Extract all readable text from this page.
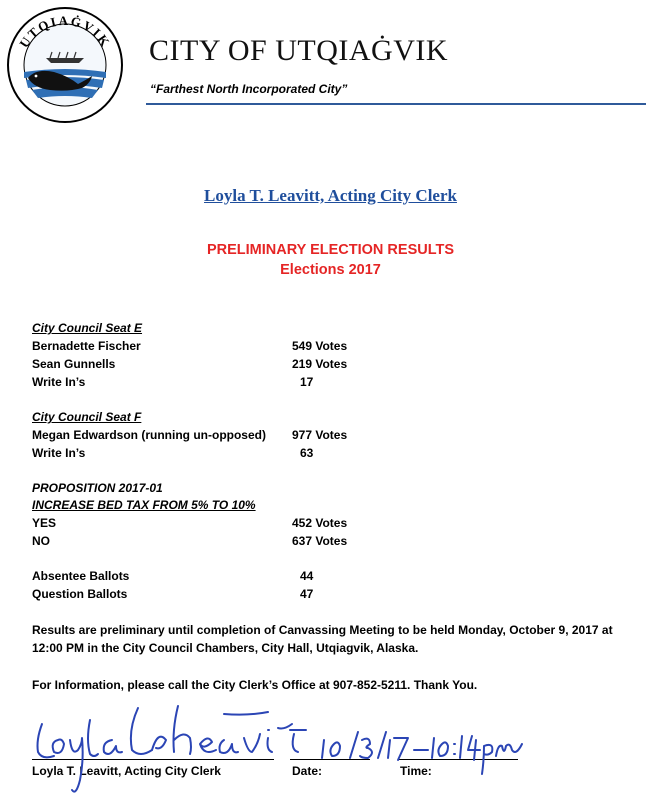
UTQIAĠVIK CITY OF UTQIAĠVIK
“Farthest North Incorporated City”
Loyla T. Leavitt, Acting City Clerk
PRELIMINARY ELECTION RESULTS
Elections 2017
City Council Seat E
Bernadette Fischer	549 Votes
Sean Gunnells	219 Votes
Write In’s	17
City Council Seat F
Megan Edwardson (running un-opposed) 977 Votes
Write In’s	63
PROPOSITION 2017-01
INCREASE BED TAX FROM 5% TO 10%
YES	452 Votes
NO	637 Votes
Absentee Ballots	44
Question Ballots	47
Results are preliminary until completion of Canvassing Meeting to be held Monday, October 9, 2017 at 12:00 PM in the City Council Chambers, City Hall, Utqiagvik, Alaska.
For Information, please call the City Clerk’s Office at 907-852-5211. Thank You.
Loyla T. Leavitt, Acting City Clerk	Date:	Time:
